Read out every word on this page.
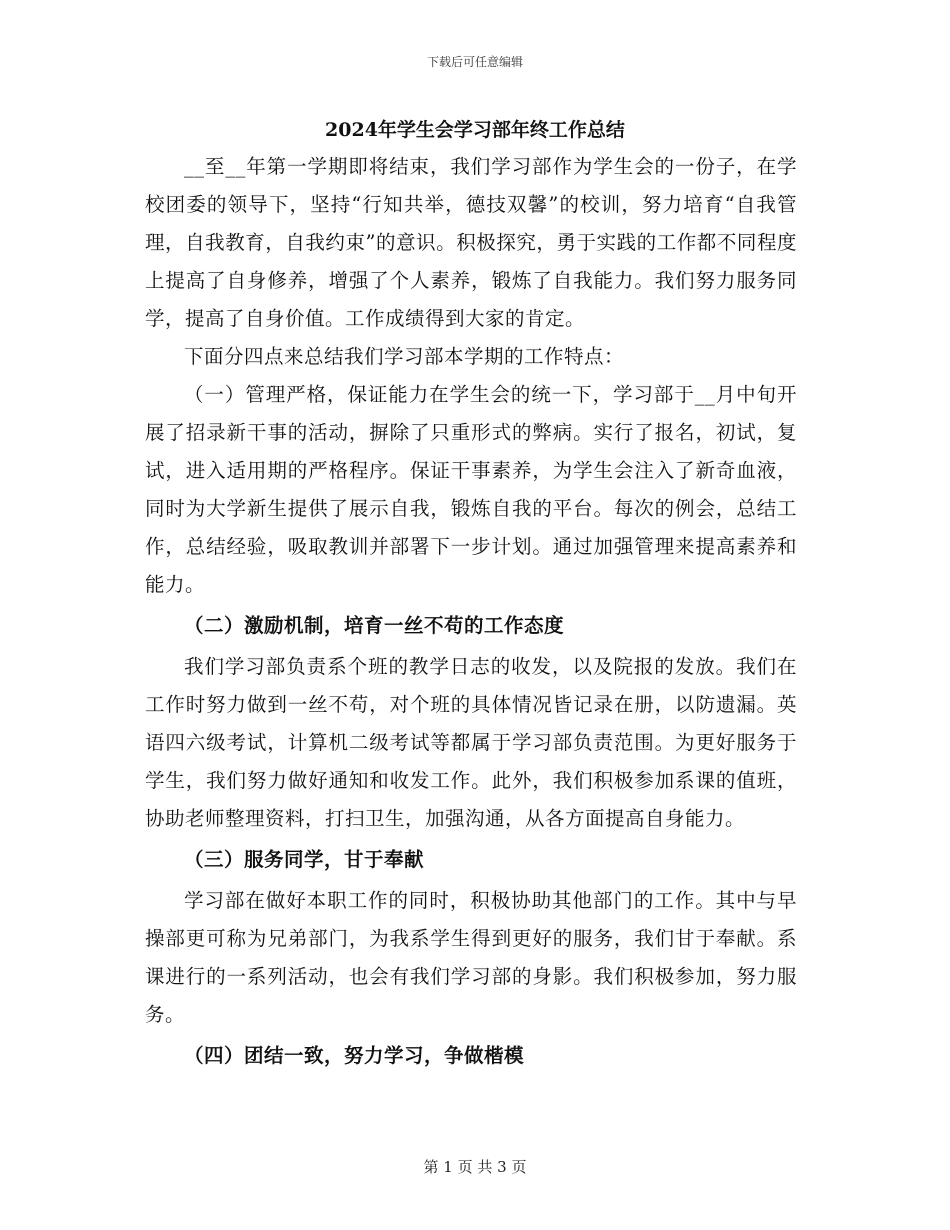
下载后可任意编辑
2024年学生会学习部年终工作总结

__至__年第一学期即将结束，我们学习部作为学生会的一份子，在学校团委的领导下，坚持“行知共举，德技双馨”的校训，努力培育“自我管理，自我教育，自我约束”的意识。积极探究，勇于实践的工作都不同程度上提高了自身修养，增强了个人素养，锻炼了自我能力。我们努力服务同学，提高了自身价值。工作成绩得到大家的肯定。

下面分四点来总结我们学习部本学期的工作特点：

（一）管理严格，保证能力在学生会的统一下，学习部于__月中旬开展了招录新干事的活动，摒除了只重形式的弊病。实行了报名，初试，复试，进入适用期的严格程序。保证干事素养，为学生会注入了新奇血液，同时为大学新生提供了展示自我，锻炼自我的平台。每次的例会，总结工作，总结经验，吸取教训并部署下一步计划。通过加强管理来提高素养和能力。

（二）激励机制，培育一丝不苟的工作态度

我们学习部负责系个班的教学日志的收发，以及院报的发放。我们在工作时努力做到一丝不苟，对个班的具体情况皆记录在册，以防遗漏。英语四六级考试，计算机二级考试等都属于学习部负责范围。为更好服务于学生，我们努力做好通知和收发工作。此外，我们积极参加系课的值班，协助老师整理资料，打扫卫生，加强沟通，从各方面提高自身能力。

（三）服务同学，甘于奉献

学习部在做好本职工作的同时，积极协助其他部门的工作。其中与早操部更可称为兄弟部门，为我系学生得到更好的服务，我们甘于奉献。系课进行的一系列活动，也会有我们学习部的身影。我们积极参加，努力服务。

（四）团结一致，努力学习，争做楷模

第 1 页 共 3 页
